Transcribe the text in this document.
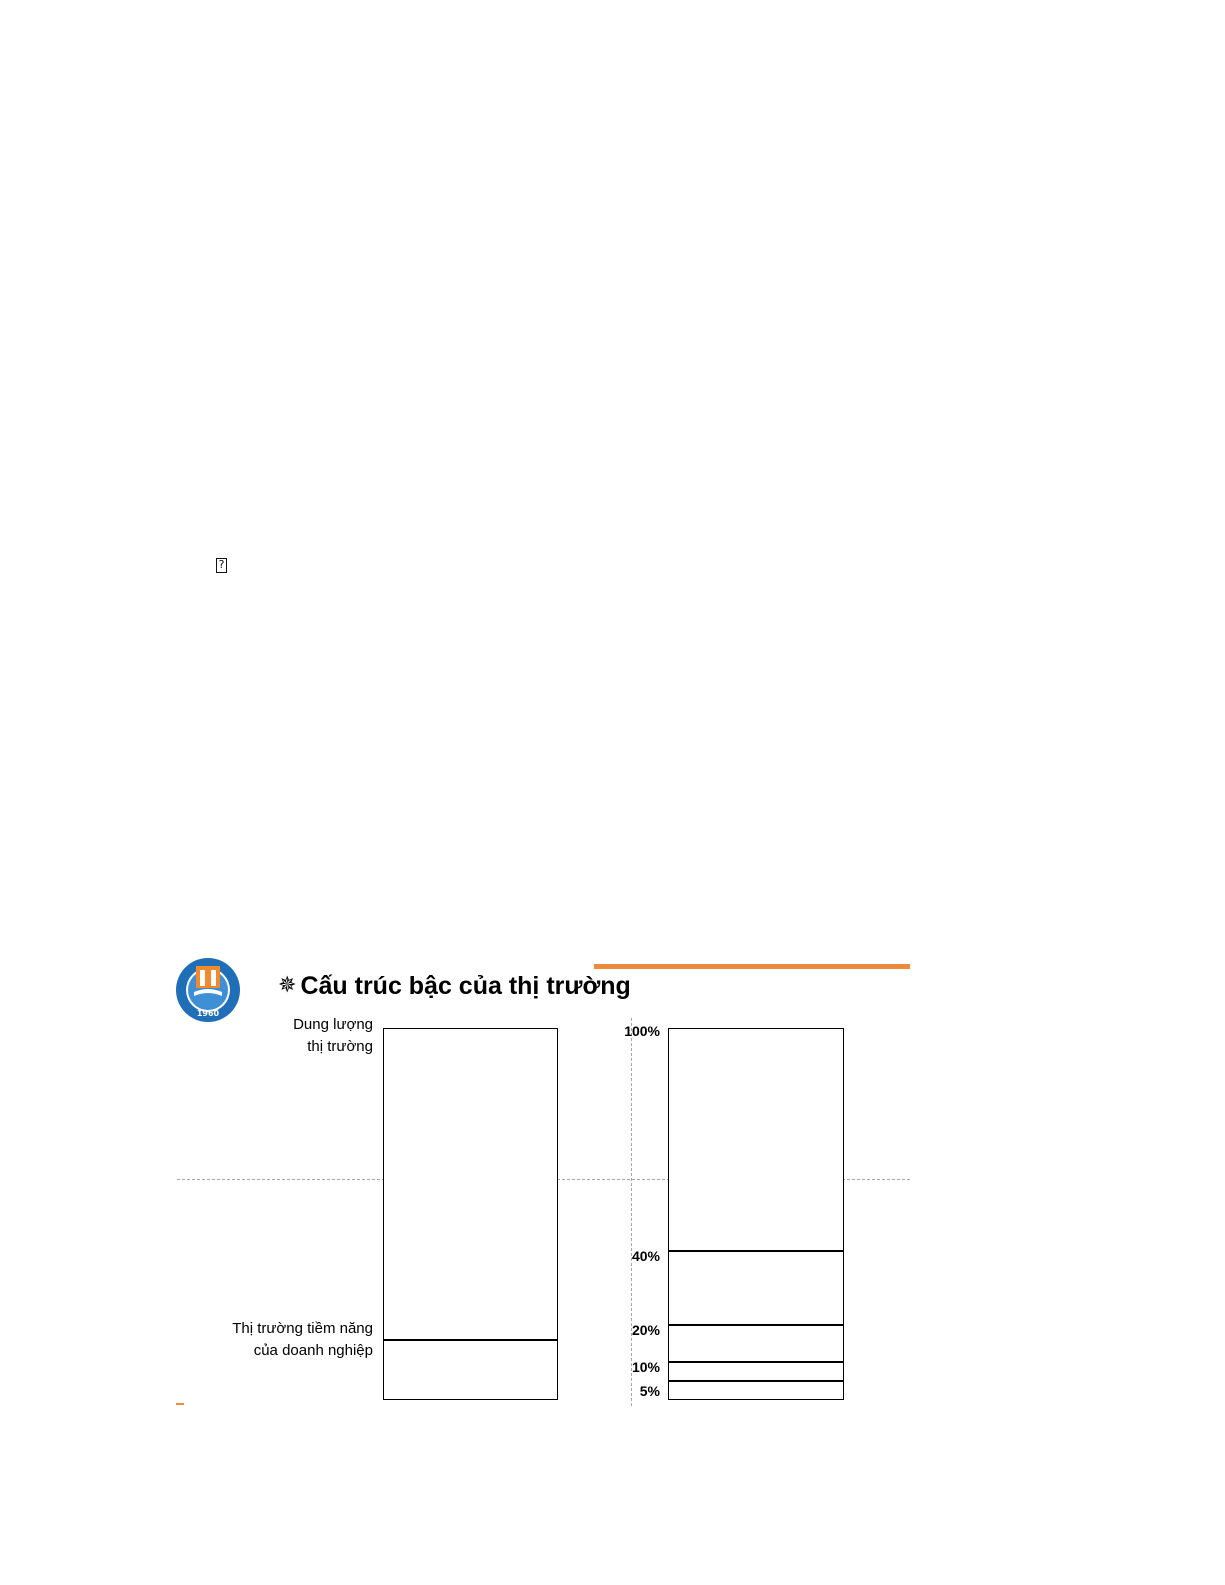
?
1960
✵ Cấu trúc bậc của thị trường
Dung lượng
thị trường
Thị trường tiềm năng
của doanh nghiệp
100%
40%
20%
10%
5%
